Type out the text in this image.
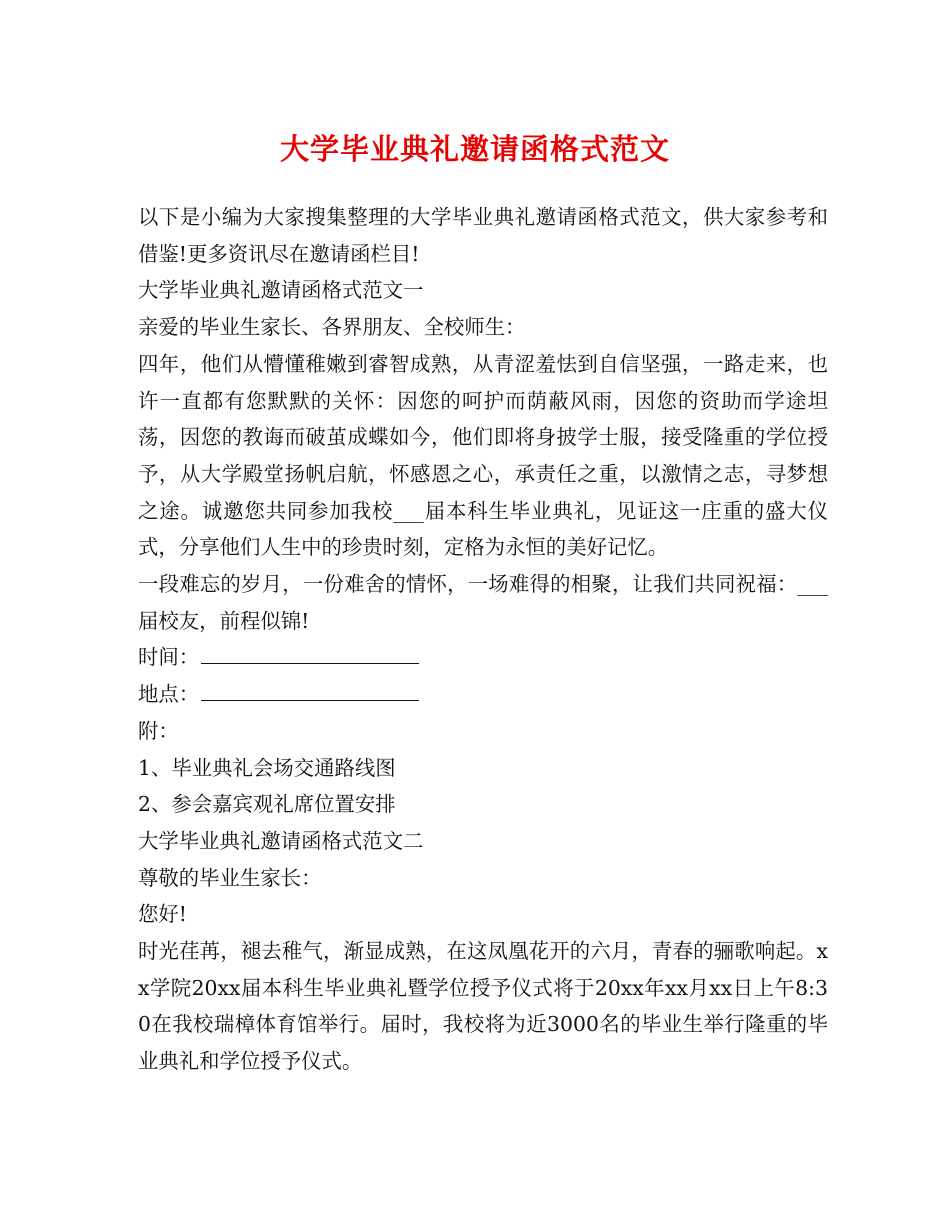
大学毕业典礼邀请函格式范文

以下是小编为大家搜集整理的大学毕业典礼邀请函格式范文，供大家参考和借鉴!更多资讯尽在邀请函栏目!

大学毕业典礼邀请函格式范文一

亲爱的毕业生家长、各界朋友、全校师生：

四年，他们从懵懂稚嫩到睿智成熟，从青涩羞怯到自信坚强，一路走来，也许一直都有您默默的关怀：因您的呵护而荫蔽风雨，因您的资助而学途坦荡，因您的教诲而破茧成蝶如今，他们即将身披学士服，接受隆重的学位授予，从大学殿堂扬帆启航，怀感恩之心，承责任之重，以激情之志，寻梦想之途。诚邀您共同参加我校___届本科生毕业典礼，见证这一庄重的盛大仪式，分享他们人生中的珍贵时刻，定格为永恒的美好记忆。

一段难忘的岁月，一份难舍的情怀，一场难得的相聚，让我们共同祝福：___届校友，前程似锦!

时间：

地点：

附：

1、毕业典礼会场交通路线图

2、参会嘉宾观礼席位置安排

大学毕业典礼邀请函格式范文二

尊敬的毕业生家长：

您好!

时光荏苒，褪去稚气，渐显成熟，在这凤凰花开的六月，青春的骊歌响起。xx学院20xx届本科生毕业典礼暨学位授予仪式将于20xx年xx月xx日上午8:30在我校瑞樟体育馆举行。届时，我校将为近3000名的毕业生举行隆重的毕业典礼和学位授予仪式。
